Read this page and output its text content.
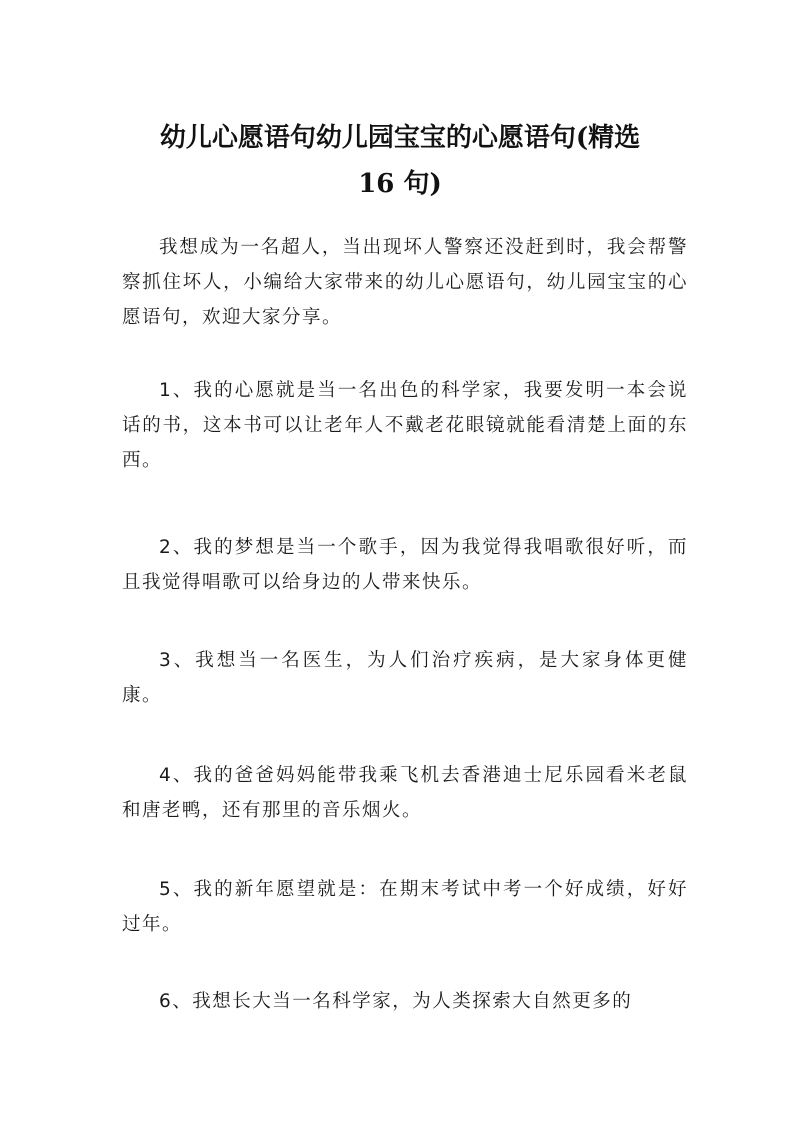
幼儿心愿语句幼儿园宝宝的心愿语句(精选
16 句)

我想成为一名超人，当出现坏人警察还没赶到时，我会帮警察抓住坏人，小编给大家带来的幼儿心愿语句，幼儿园宝宝的心愿语句，欢迎大家分享。

1、我的心愿就是当一名出色的科学家，我要发明一本会说话的书，这本书可以让老年人不戴老花眼镜就能看清楚上面的东西。

2、我的梦想是当一个歌手，因为我觉得我唱歌很好听，而且我觉得唱歌可以给身边的人带来快乐。

3、我想当一名医生，为人们治疗疾病，是大家身体更健康。

4、我的爸爸妈妈能带我乘飞机去香港迪士尼乐园看米老鼠和唐老鸭，还有那里的音乐烟火。

5、我的新年愿望就是：在期末考试中考一个好成绩，好好过年。

6、我想长大当一名科学家，为人类探索大自然更多的
